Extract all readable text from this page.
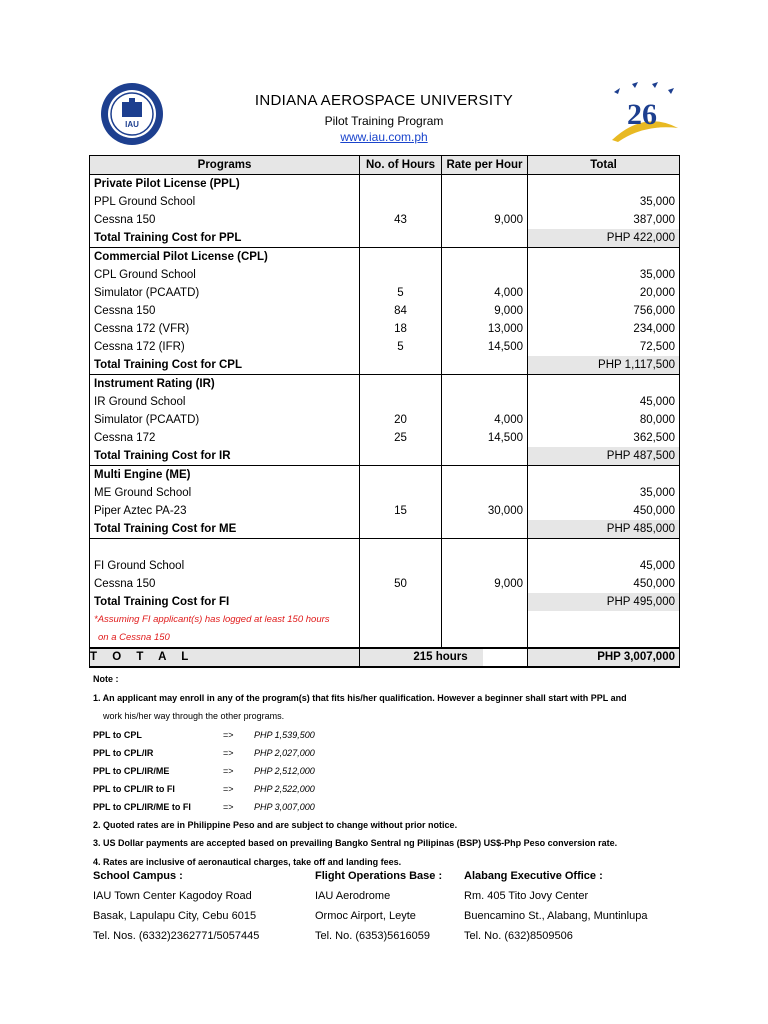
IAU	26
INDIANA AEROSPACE UNIVERSITY
Pilot Training Program
www.iau.com.ph
Programs	No. of Hours	Rate per Hour	Total
Private Pilot License (PPL)			
PPL Ground School			35,000
Cessna 150	43	9,000	387,000
Total Training Cost for PPL			PHP 422,000
Commercial Pilot License (CPL)			
CPL Ground School			35,000
Simulator (PCAATD)	5	4,000	20,000
Cessna 150	84	9,000	756,000
Cessna 172 (VFR)	18	13,000	234,000
Cessna 172 (IFR)	5	14,500	72,500
Total Training Cost for CPL			PHP 1,117,500
Instrument Rating (IR)			
IR Ground School			45,000
Simulator (PCAATD)	20	4,000	80,000
Cessna 172	25	14,500	362,500
Total Training Cost for IR			PHP 487,500
Multi Engine (ME)			
ME Ground School			35,000
Piper Aztec PA-23	15	30,000	450,000
Total Training Cost for ME			PHP 485,000

FI Ground School			45,000
Cessna 150	50	9,000	450,000
Total Training Cost for FI			PHP 495,000
*Assuming FI applicant(s) has logged at least 150 hours			
on a Cessna 150			
T O T A L		215 hours	PHP 3,007,000
Note :
1. An applicant may enroll in any of the program(s) that fits his/her qualification. However a beginner shall start with PPL and
work his/her way through the other programs.
PPL to CPL	=> PHP 1,539,500
PPL to CPL/IR	=> PHP 2,027,000
PPL to CPL/IR/ME	=> PHP 2,512,000
PPL to CPL/IR to FI	=> PHP 2,522,000
PPL to CPL/IR/ME to FI	=> PHP 3,007,000
2. Quoted rates are in Philippine Peso and are subject to change without prior notice.
3. US Dollar payments are accepted based on prevailing Bangko Sentral ng Pilipinas (BSP) US$-Php Peso conversion rate.
4. Rates are inclusive of aeronautical charges, take off and landing fees.
School Campus :
IAU Town Center Kagodoy Road
Basak, Lapulapu City, Cebu 6015
Tel. Nos. (6332)2362771/5057445
Flight Operations Base :
IAU Aerodrome
Ormoc Airport, Leyte
Tel. No. (6353)5616059
Alabang Executive Office :
Rm. 405 Tito Jovy Center
Buencamino St., Alabang, Muntinlupa
Tel. No. (632)8509506
